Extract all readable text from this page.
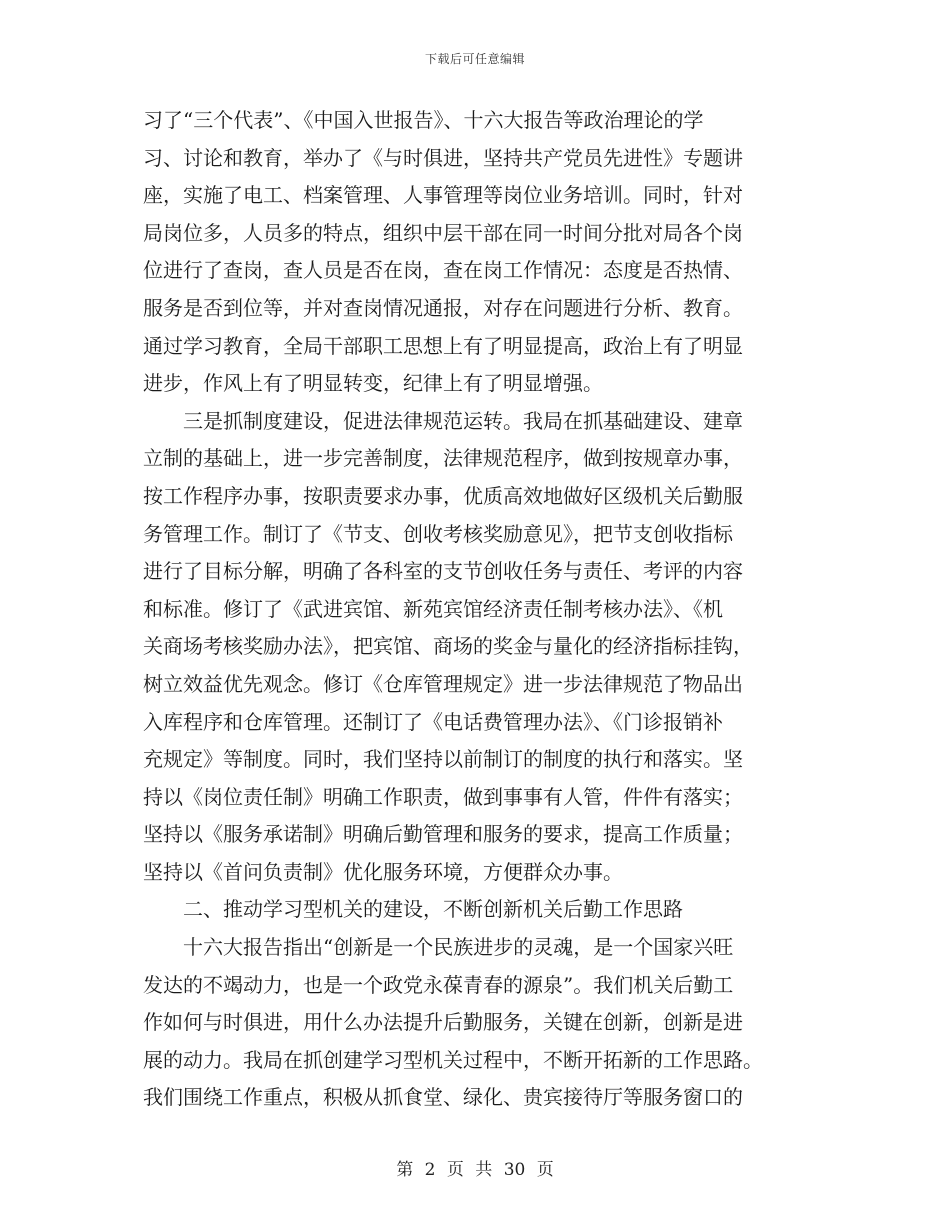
下载后可任意编辑
习了“三个代表”、《中国入世报告》、十六大报告等政治理论的学
习、讨论和教育，举办了《与时俱进，坚持共产党员先进性》专题讲
座，实施了电工、档案管理、人事管理等岗位业务培训。同时，针对
局岗位多，人员多的特点，组织中层干部在同一时间分批对局各个岗
位进行了查岗，查人员是否在岗，查在岗工作情况：态度是否热情、
服务是否到位等，并对查岗情况通报，对存在问题进行分析、教育。
通过学习教育，全局干部职工思想上有了明显提高，政治上有了明显
进步，作风上有了明显转变，纪律上有了明显增强。
　　三是抓制度建设，促进法律规范运转。我局在抓基础建设、建章
立制的基础上，进一步完善制度，法律规范程序，做到按规章办事，
按工作程序办事，按职责要求办事，优质高效地做好区级机关后勤服
务管理工作。制订了《节支、创收考核奖励意见》，把节支创收指标
进行了目标分解，明确了各科室的支节创收任务与责任、考评的内容
和标准。修订了《武进宾馆、新苑宾馆经济责任制考核办法》、《机
关商场考核奖励办法》，把宾馆、商场的奖金与量化的经济指标挂钩，
树立效益优先观念。修订《仓库管理规定》进一步法律规范了物品出
入库程序和仓库管理。还制订了《电话费管理办法》、《门诊报销补
充规定》等制度。同时，我们坚持以前制订的制度的执行和落实。坚
持以《岗位责任制》明确工作职责，做到事事有人管，件件有落实；
坚持以《服务承诺制》明确后勤管理和服务的要求，提高工作质量；
坚持以《首问负责制》优化服务环境，方便群众办事。
　　二、推动学习型机关的建设，不断创新机关后勤工作思路
　　十六大报告指出“创新是一个民族进步的灵魂，是一个国家兴旺
发达的不竭动力，也是一个政党永葆青春的源泉”。我们机关后勤工
作如何与时俱进，用什么办法提升后勤服务，关键在创新，创新是进
展的动力。我局在抓创建学习型机关过程中，不断开拓新的工作思路。
我们围绕工作重点，积极从抓食堂、绿化、贵宾接待厅等服务窗口的
第 2 页 共 30 页
